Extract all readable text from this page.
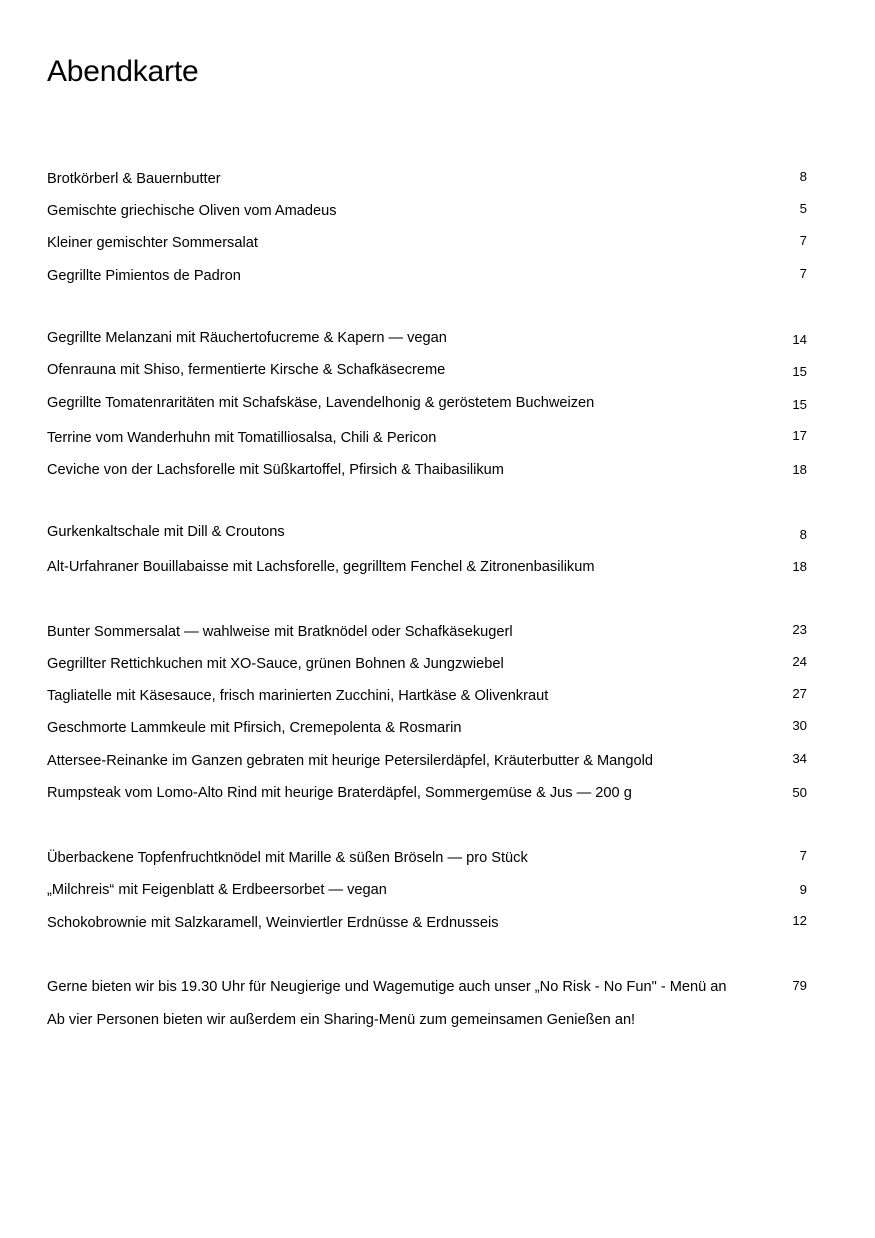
Abendkarte
Brotkörberl & Bauernbutter	8
Gemischte griechische Oliven vom Amadeus	5
Kleiner gemischter Sommersalat	7
Gegrillte Pimientos de Padron	7
Gegrillte Melanzani mit Räuchertofucreme & Kapern — vegan	14
Ofenrauna mit Shiso, fermentierte Kirsche & Schafkäsecreme	15
Gegrillte Tomatenraritäten mit Schafskäse, Lavendelhonig & geröstetem Buchweizen	15
Terrine vom Wanderhuhn mit Tomatilliosalsa, Chili & Pericon	17
Ceviche von der Lachsforelle mit Süßkartoffel, Pfirsich & Thaibasilikum	18
Gurkenkaltschale mit Dill & Croutons	8
Alt-Urfahraner Bouillabaisse mit Lachsforelle, gegrilltem Fenchel & Zitronenbasilikum	18
Bunter Sommersalat — wahlweise mit Bratknödel oder Schafkäsekugerl	23
Gegrillter Rettichkuchen mit XO-Sauce, grünen Bohnen & Jungzwiebel	24
Tagliatelle mit Käsesauce, frisch marinierten Zucchini, Hartkäse & Olivenkraut	27
Geschmorte Lammkeule mit Pfirsich, Cremepolenta & Rosmarin	30
Attersee-Reinanke im Ganzen gebraten mit heurige Petersilerdäpfel, Kräuterbutter & Mangold	34
Rumpsteak vom Lomo-Alto Rind mit heurige Braterdäpfel, Sommergemüse & Jus — 200 g	50
Überbackene Topfenfruchtknödel mit Marille & süßen Bröseln — pro Stück	7
„Milchreis“ mit Feigenblatt & Erdbeersorbet — vegan	9
Schokobrownie mit Salzkaramell, Weinviertler Erdnüsse & Erdnusseis	12
Gerne bieten wir bis 19.30 Uhr für Neugierige und Wagemutige auch unser „No Risk - No Fun" - Menü an	79
Ab vier Personen bieten wir außerdem ein Sharing-Menü zum gemeinsamen Genießen an!
